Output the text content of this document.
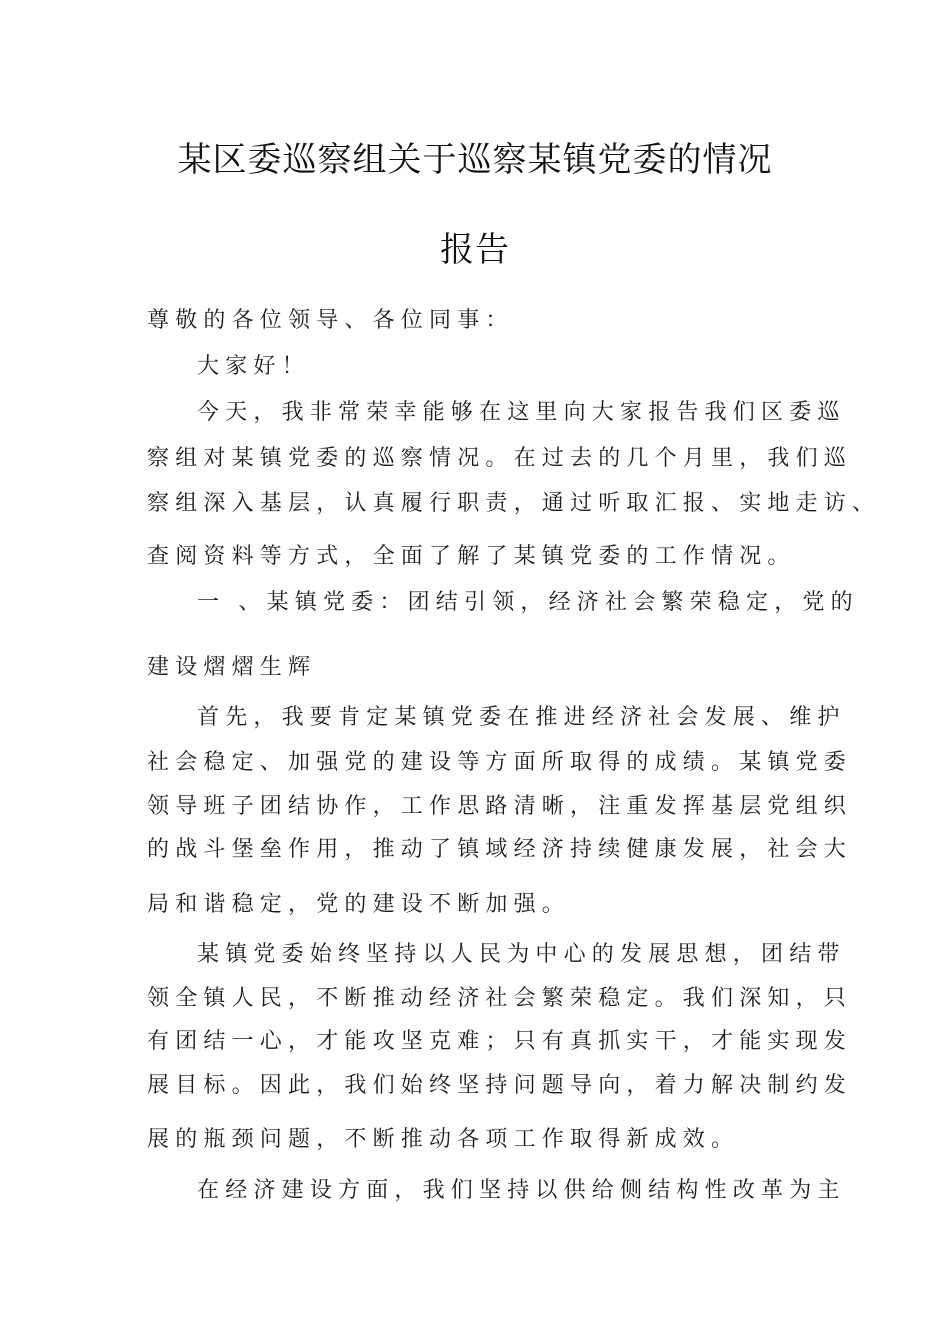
某区委巡察组关于巡察某镇党委的情况
报告

尊敬的各位领导、各位同事：

大家好！

今天，我非常荣幸能够在这里向大家报告我们区委巡

察组对某镇党委的巡察情况。在过去的几个月里，我们巡

察组深入基层，认真履行职责，通过听取汇报、实地走访、

查阅资料等方式，全面了解了某镇党委的工作情况。

一 、某镇党委：团结引领，经济社会繁荣稳定，党的

建设熠熠生辉

首先，我要肯定某镇党委在推进经济社会发展、维护

社会稳定、加强党的建设等方面所取得的成绩。某镇党委

领导班子团结协作，工作思路清晰，注重发挥基层党组织

的战斗堡垒作用，推动了镇域经济持续健康发展，社会大

局和谐稳定，党的建设不断加强。

某镇党委始终坚持以人民为中心的发展思想，团结带

领全镇人民，不断推动经济社会繁荣稳定。我们深知，只

有团结一心，才能攻坚克难；只有真抓实干，才能实现发

展目标。因此，我们始终坚持问题导向，着力解决制约发

展的瓶颈问题，不断推动各项工作取得新成效。

在经济建设方面，我们坚持以供给侧结构性改革为主
